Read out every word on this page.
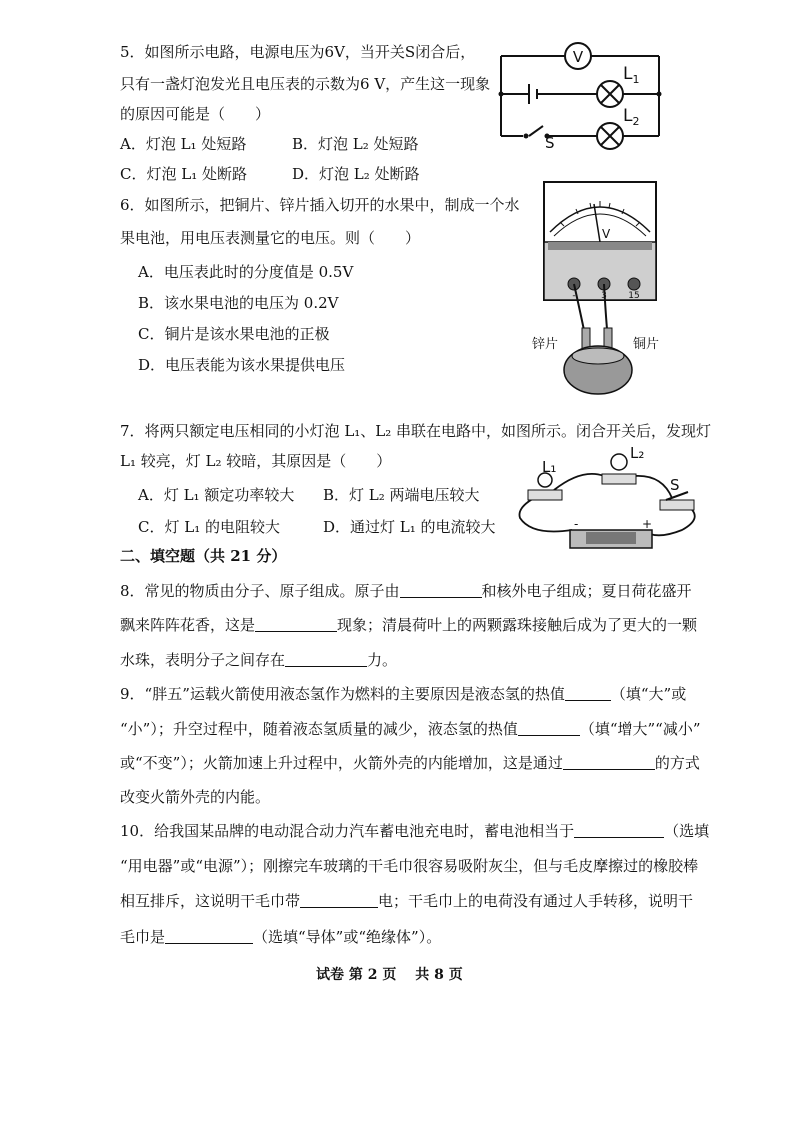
5．如图所示电路，电源电压为6V，当开关S闭合后，
只有一盏灯泡发光且电压表的示数为6 V，产生这一现象
的原因可能是（　　）
A．灯泡 L₁ 处短路	B．灯泡 L₂ 处短路
C．灯泡 L₁ 处断路	D．灯泡 L₂ 处断路
V
$L_1$
$L_2$
S
6．如图所示，把铜片、锌片插入切开的水果中，制成一个水
果电池，用电压表测量它的电压。则（　　）
A．电压表此时的分度值是 0.5V
B．该水果电池的电压为 0.2V
C．铜片是该水果电池的正极
D．电压表能为该水果提供电压
V
-	3 15
锌片	铜片
7．将两只额定电压相同的小灯泡 L₁、L₂ 串联在电路中，如图所示。闭合开关后，发现灯
L₁ 较亮，灯 L₂ 较暗，其原因是（　　）
A．灯 L₁ 额定功率较大 B．灯 L₂ 两端电压较大
C．灯 L₁ 的电阻较大	D．通过灯 L₁ 的电流较大
L₁
L₂
S
-	+
二、填空题（共 21 分）
8．常见的物质由分子、原子组成。原子由	和核外电子组成；夏日荷花盛开
飘来阵阵花香，这是	现象；清晨荷叶上的两颗露珠接触后成为了更大的一颗
水珠，表明分子之间存在	力。
9．“胖五”运载火箭使用液态氢作为燃料的主要原因是液态氢的热值	（填“大”或
“小”）；升空过程中，随着液态氢质量的减少，液态氢的热值	（填“增大”“减小”
或“不变”）；火箭加速上升过程中，火箭外壳的内能增加，这是通过	的方式
改变火箭外壳的内能。
10．给我国某品牌的电动混合动力汽车蓄电池充电时，蓄电池相当于	（选填
“用电器”或“电源”）；刚擦完车玻璃的干毛巾很容易吸附灰尘，但与毛皮摩擦过的橡胶棒
相互排斥，这说明干毛巾带	电；干毛巾上的电荷没有通过人手转移，说明干
毛巾是	（选填“导体”或“绝缘体”）。
试卷 第 2 页　 共 8 页
